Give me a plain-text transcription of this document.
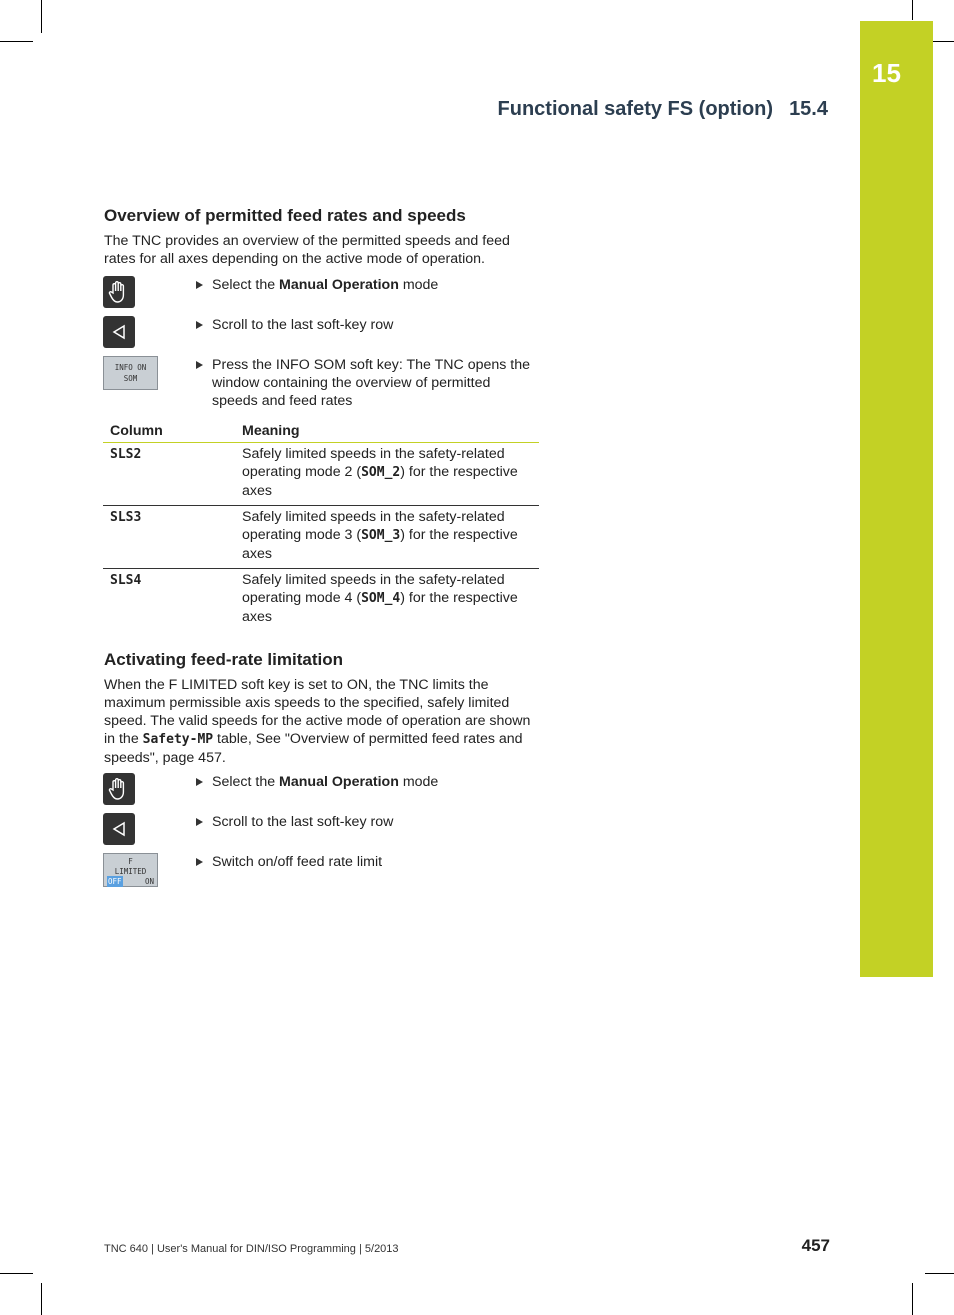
15
Functional safety FS (option) 15.4
Overview of permitted feed rates and speeds
The TNC provides an overview of the permitted speeds and feed rates for all axes depending on the active mode of operation.
Select the Manual Operation mode
Scroll to the last soft-key row
INFO ON
SOM
Press the INFO SOM soft key: The TNC opens the window containing the overview of permitted speeds and feed rates
Column	Meaning
SLS2	Safely limited speeds in the safety-related operating mode 2 (SOM_2) for the respective axes
SLS3	Safely limited speeds in the safety-related operating mode 3 (SOM_3) for the respective axes
SLS4	Safely limited speeds in the safety-related operating mode 4 (SOM_4) for the respective axes
Activating feed-rate limitation
When the F LIMITED soft key is set to ON, the TNC limits the maximum permissible axis speeds to the specified, safely limited speed. The valid speeds for the active mode of operation are shown in the Safety-MP table, See "Overview of permitted feed rates and speeds", page 457.
Select the Manual Operation mode
Scroll to the last soft-key row
F
LIMITED
OFF	ON
Switch on/off feed rate limit
TNC 640 | User's Manual for DIN/ISO Programming | 5/2013	457
